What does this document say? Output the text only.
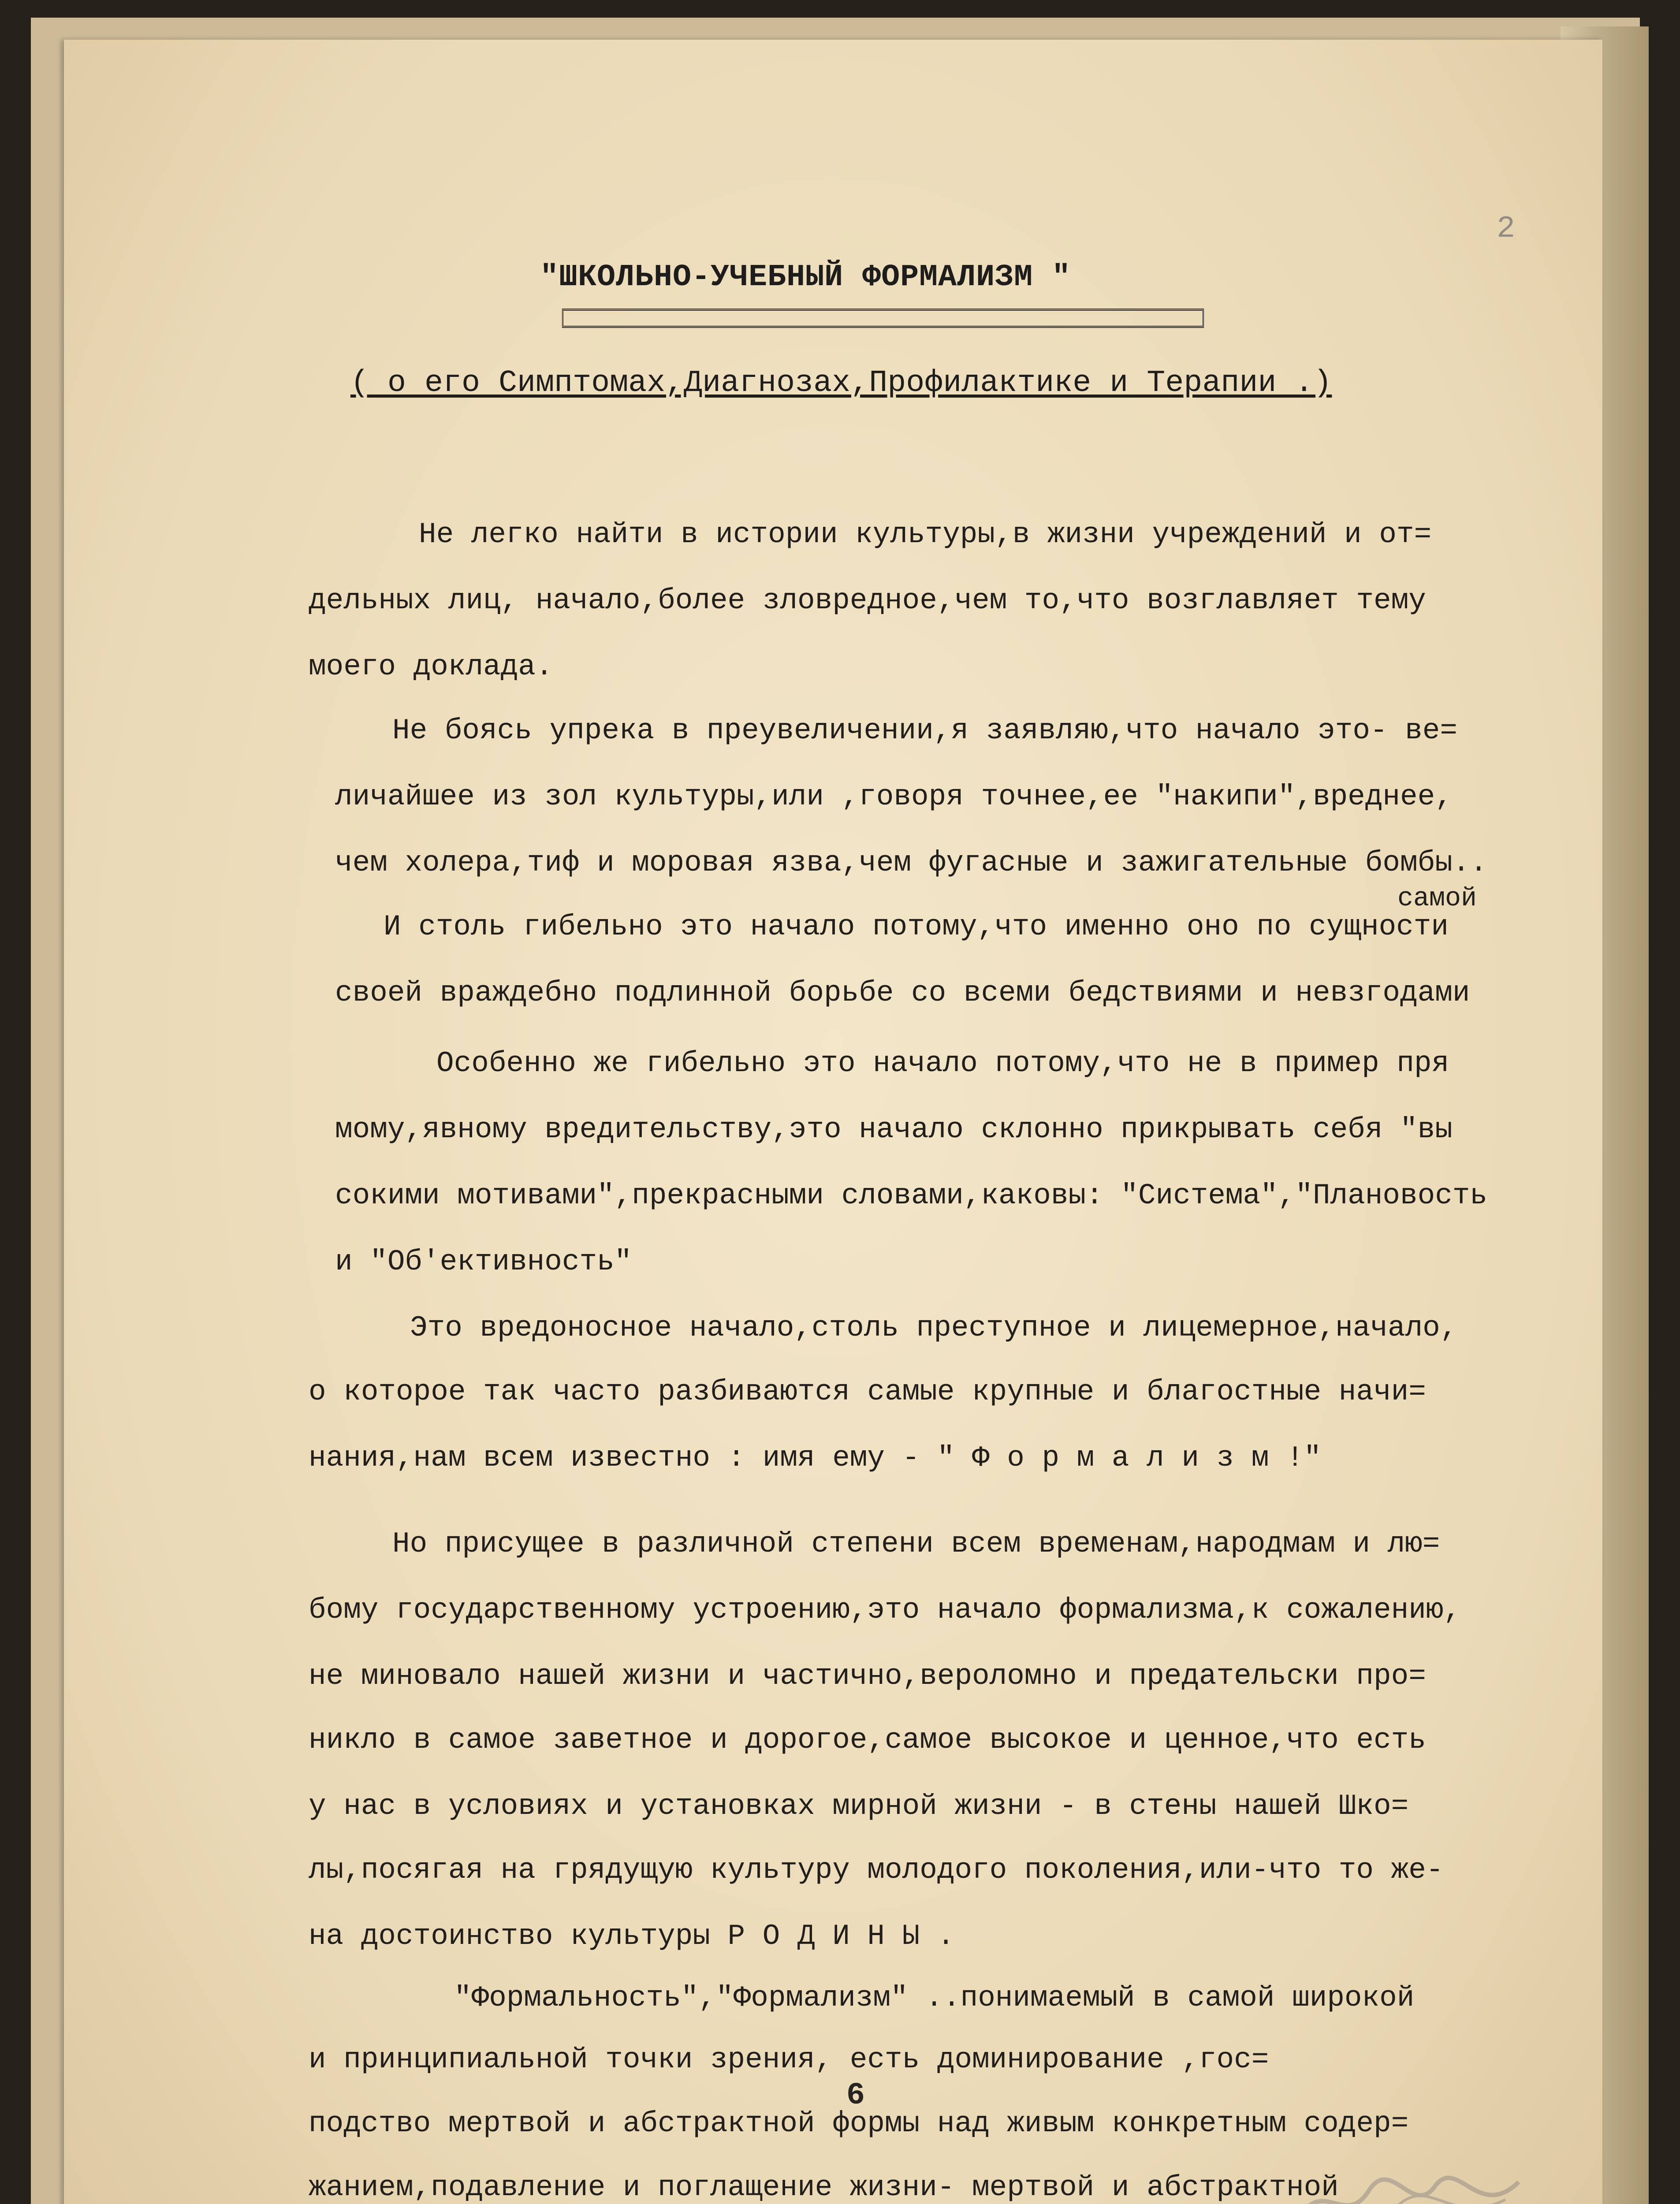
2
"ШКОЛЬНО-УЧЕБНЫЙ ФОРМАЛИЗМ "
( о его Симптомах,Диагнозах,Профилактике и Терапии .)
Не легко найти в истории культуры,в жизни учреждений и от=
дельных лиц, начало,более зловредное,чем то,что возглавляет тему
моего доклада.
Не боясь упрека в преувеличении,я заявляю,что начало это- ве=
личайшее из зол культуры,или ,говоря точнее,ее "накипи",вреднее,
чем холера,тиф и моровая язва,чем фугасные и зажигательные бомбы..
самой
И столь гибельно это начало потому,что именно оно по сущности
своей враждебно подлинной борьбе со всеми бедствиями и невзгодами
Особенно же гибельно это начало потому,что не в пример пря
мому,явному вредительству,это начало склонно прикрывать себя "вы
сокими мотивами",прекрасными словами,каковы: "Система","Плановость
и "Об'ективность"
Это вредоносное начало,столь преступное и лицемерное,начало,
о которое так часто разбиваются самые крупные и благостные начи=
нания,нам всем известно : имя ему - " Ф о р м а л и з м !"
Но присущее в различной степени всем временам,народмам и лю=
бому государственному устроению,это начало формализма,к сожалению,
не миновало нашей жизни и частично,вероломно и предательски про=
никло в самое заветное и дорогое,самое высокое и ценное,что есть
у нас в условиях и установках мирной жизни - в стены нашей Шко=
лы,посягая на грядущую культуру молодого поколения,или-что то же-
на достоинство культуры Р О Д И Н Ы .
"Формальность","Формализм" ..понимаемый в самой широкой
и принципиальной точки зрения, есть доминирование ,гос=
подство мертвой и абстрактной формы над живым конкретным содер=
жанием,подавление и поглащение жизни- мертвой и абстрактной
6
